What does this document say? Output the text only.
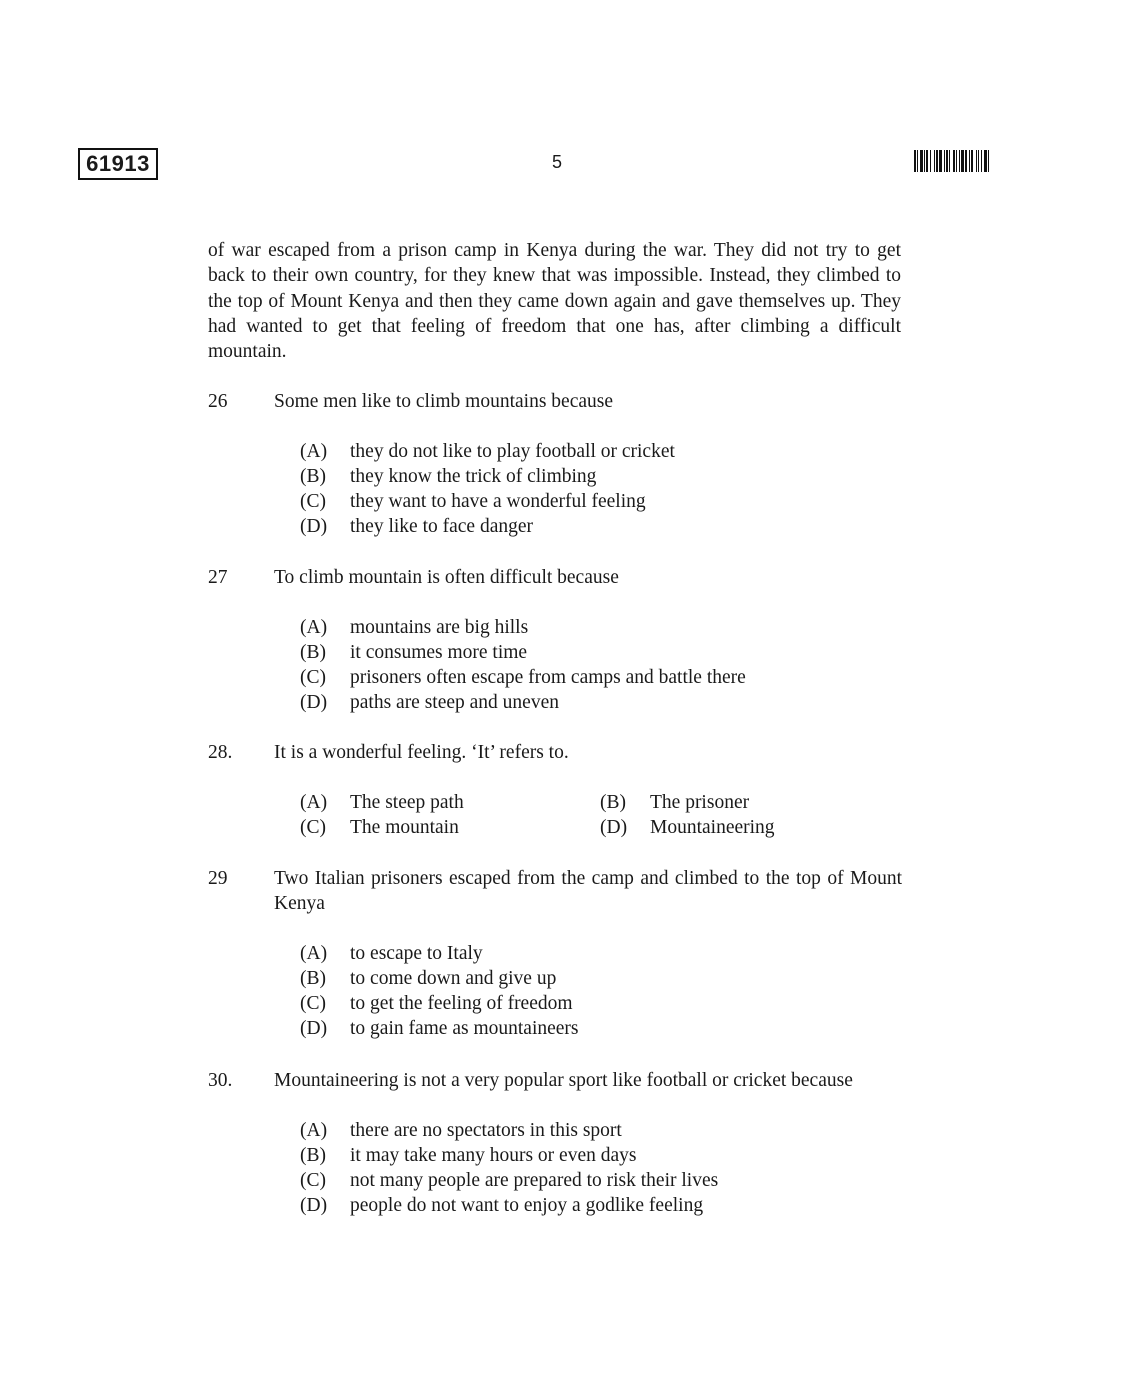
61913	5

of war escaped from a prison camp in Kenya during the war. They did not try to get back to their own country, for they knew that was impossible. Instead, they climbed to the top of Mount Kenya and then they came down again and gave themselves up. They had wanted to get that feeling of freedom that one has, after climbing a difficult mountain.

26 Some men like to climb mountains because
(A)	they do not like to play football or cricket
(B)	they know the trick of climbing
(C)	they want to have a wonderful feeling
(D)	they like to face danger
27 To climb mountain is often difficult because
(A)	mountains are big hills
(B)	it consumes more time
(C)	prisoners often escape from camps and battle there
(D)	paths are steep and uneven
28. It is a wonderful feeling. ‘It’ refers to.
(A)	The steep path	(B)	The prisoner
(C)	The mountain	(D)	Mountaineering
29 Two Italian prisoners escaped from the camp and climbed to the top of Mount Kenya
(A)	to escape to Italy
(B)	to come down and give up
(C)	to get the feeling of freedom
(D)	to gain fame as mountaineers
30. Mountaineering is not a very popular sport like football or cricket because
(A)	there are no spectators in this sport
(B)	it may take many hours or even days
(C)	not many people are prepared to risk their lives
(D)	people do not want to enjoy a godlike feeling
